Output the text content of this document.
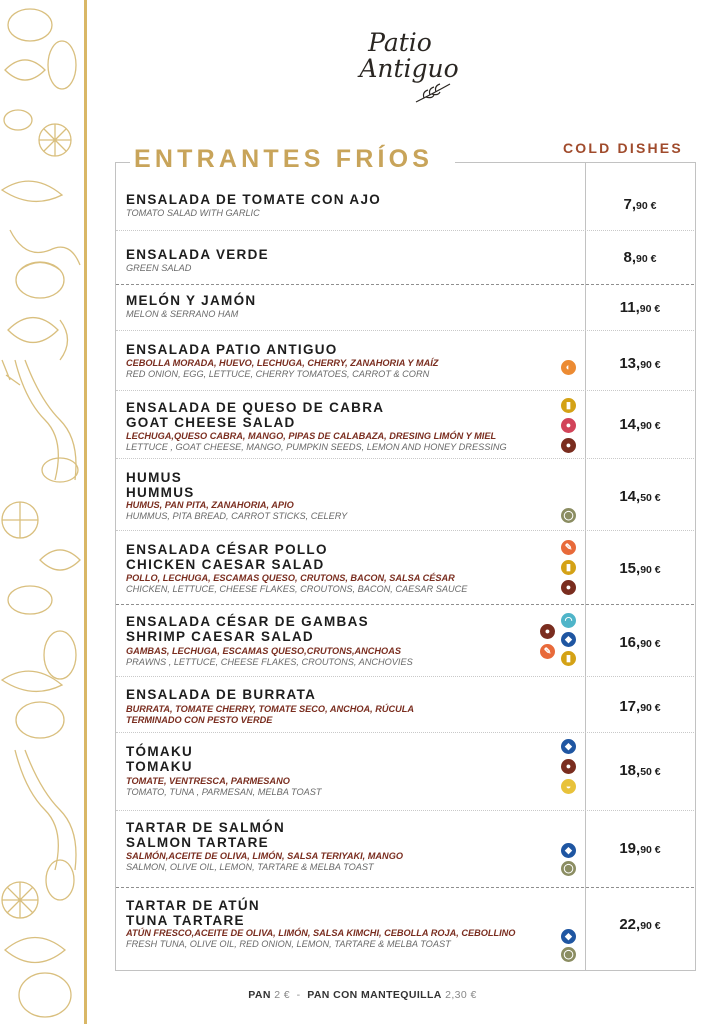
Patio
Antiguo
COLD DISHES
ENTRANTES FRÍOS
ENSALADA DE TOMATE CON AJO
TOMATO SALAD WITH GARLIC	7,90 €
ENSALADA VERDE
GREEN SALAD
8,90 €
MELÓN Y JAMÓN
MELON & SERRANO HAM	11,90 €
ENSALADA PATIO ANTIGUO
CEBOLLA MORADA, HUEVO, LECHUGA, CHERRY, ZANAHORIA Y MAÍZ
RED ONION, EGG, LETTUCE, CHERRY TOMATOES, CARROT & CORN
13,90 €
◐
ENSALADA DE QUESO DE CABRA
GOAT CHEESE SALAD
LECHUGA,QUESO CABRA, MANGO, PIPAS DE CALABAZA, DRESING LIMÓN Y MIEL
LETTUCE , GOAT CHEESE, MANGO, PUMPKIN SEEDS, LEMON AND HONEY DRESSING
14,90 €
▮
●
●
HUMUS
HUMMUS
HUMUS, PAN PITA, ZANAHORIA, APIO
HUMMUS, PITA BREAD, CARROT STICKS, CELERY
14,50 €
◯
ENSALADA CÉSAR POLLO
CHICKEN CAESAR SALAD
POLLO, LECHUGA, ESCAMAS QUESO, CRUTONS, BACON, SALSA CÉSAR
CHICKEN, LETTUCE, CHEESE FLAKES, CROUTONS, BACON, CAESAR SAUCE
15,90 €
✎
▮
●
ENSALADA CÉSAR DE GAMBAS
SHRIMP CAESAR SALAD
GAMBAS, LECHUGA, ESCAMAS QUESO,CRUTONS,ANCHOAS
PRAWNS , LETTUCE, CHEESE FLAKES, CROUTONS, ANCHOVIES
16,90 €
●
✎
◠
◆
▮
ENSALADA DE BURRATA
BURRATA, TOMATE CHERRY, TOMATE SECO, ANCHOA, RÚCULA
TERMINADO CON PESTO VERDE
17,90 €
TÓMAKU
TOMAKU
TOMATE, VENTRESCA, PARMESANO
TOMATO, TUNA , PARMESAN, MELBA TOAST
18,50 €
◆
●
◒
TARTAR DE SALMÓN
SALMON TARTARE
SALMÓN,ACEITE DE OLIVA, LIMÓN, SALSA TERIYAKI, MANGO
SALMON, OLIVE OIL, LEMON, TARTARE & MELBA TOAST
19,90 €
◆
◯
TARTAR DE ATÚN
TUNA TARTARE
ATÚN FRESCO,ACEITE DE OLIVA, LIMÓN, SALSA KIMCHI, CEBOLLA ROJA, CEBOLLINO
FRESH TUNA, OLIVE OIL, RED ONION, LEMON, TARTARE & MELBA TOAST
22,90 €
◆
◯
PAN 2 € - PAN CON MANTEQUILLA 2,30 €
